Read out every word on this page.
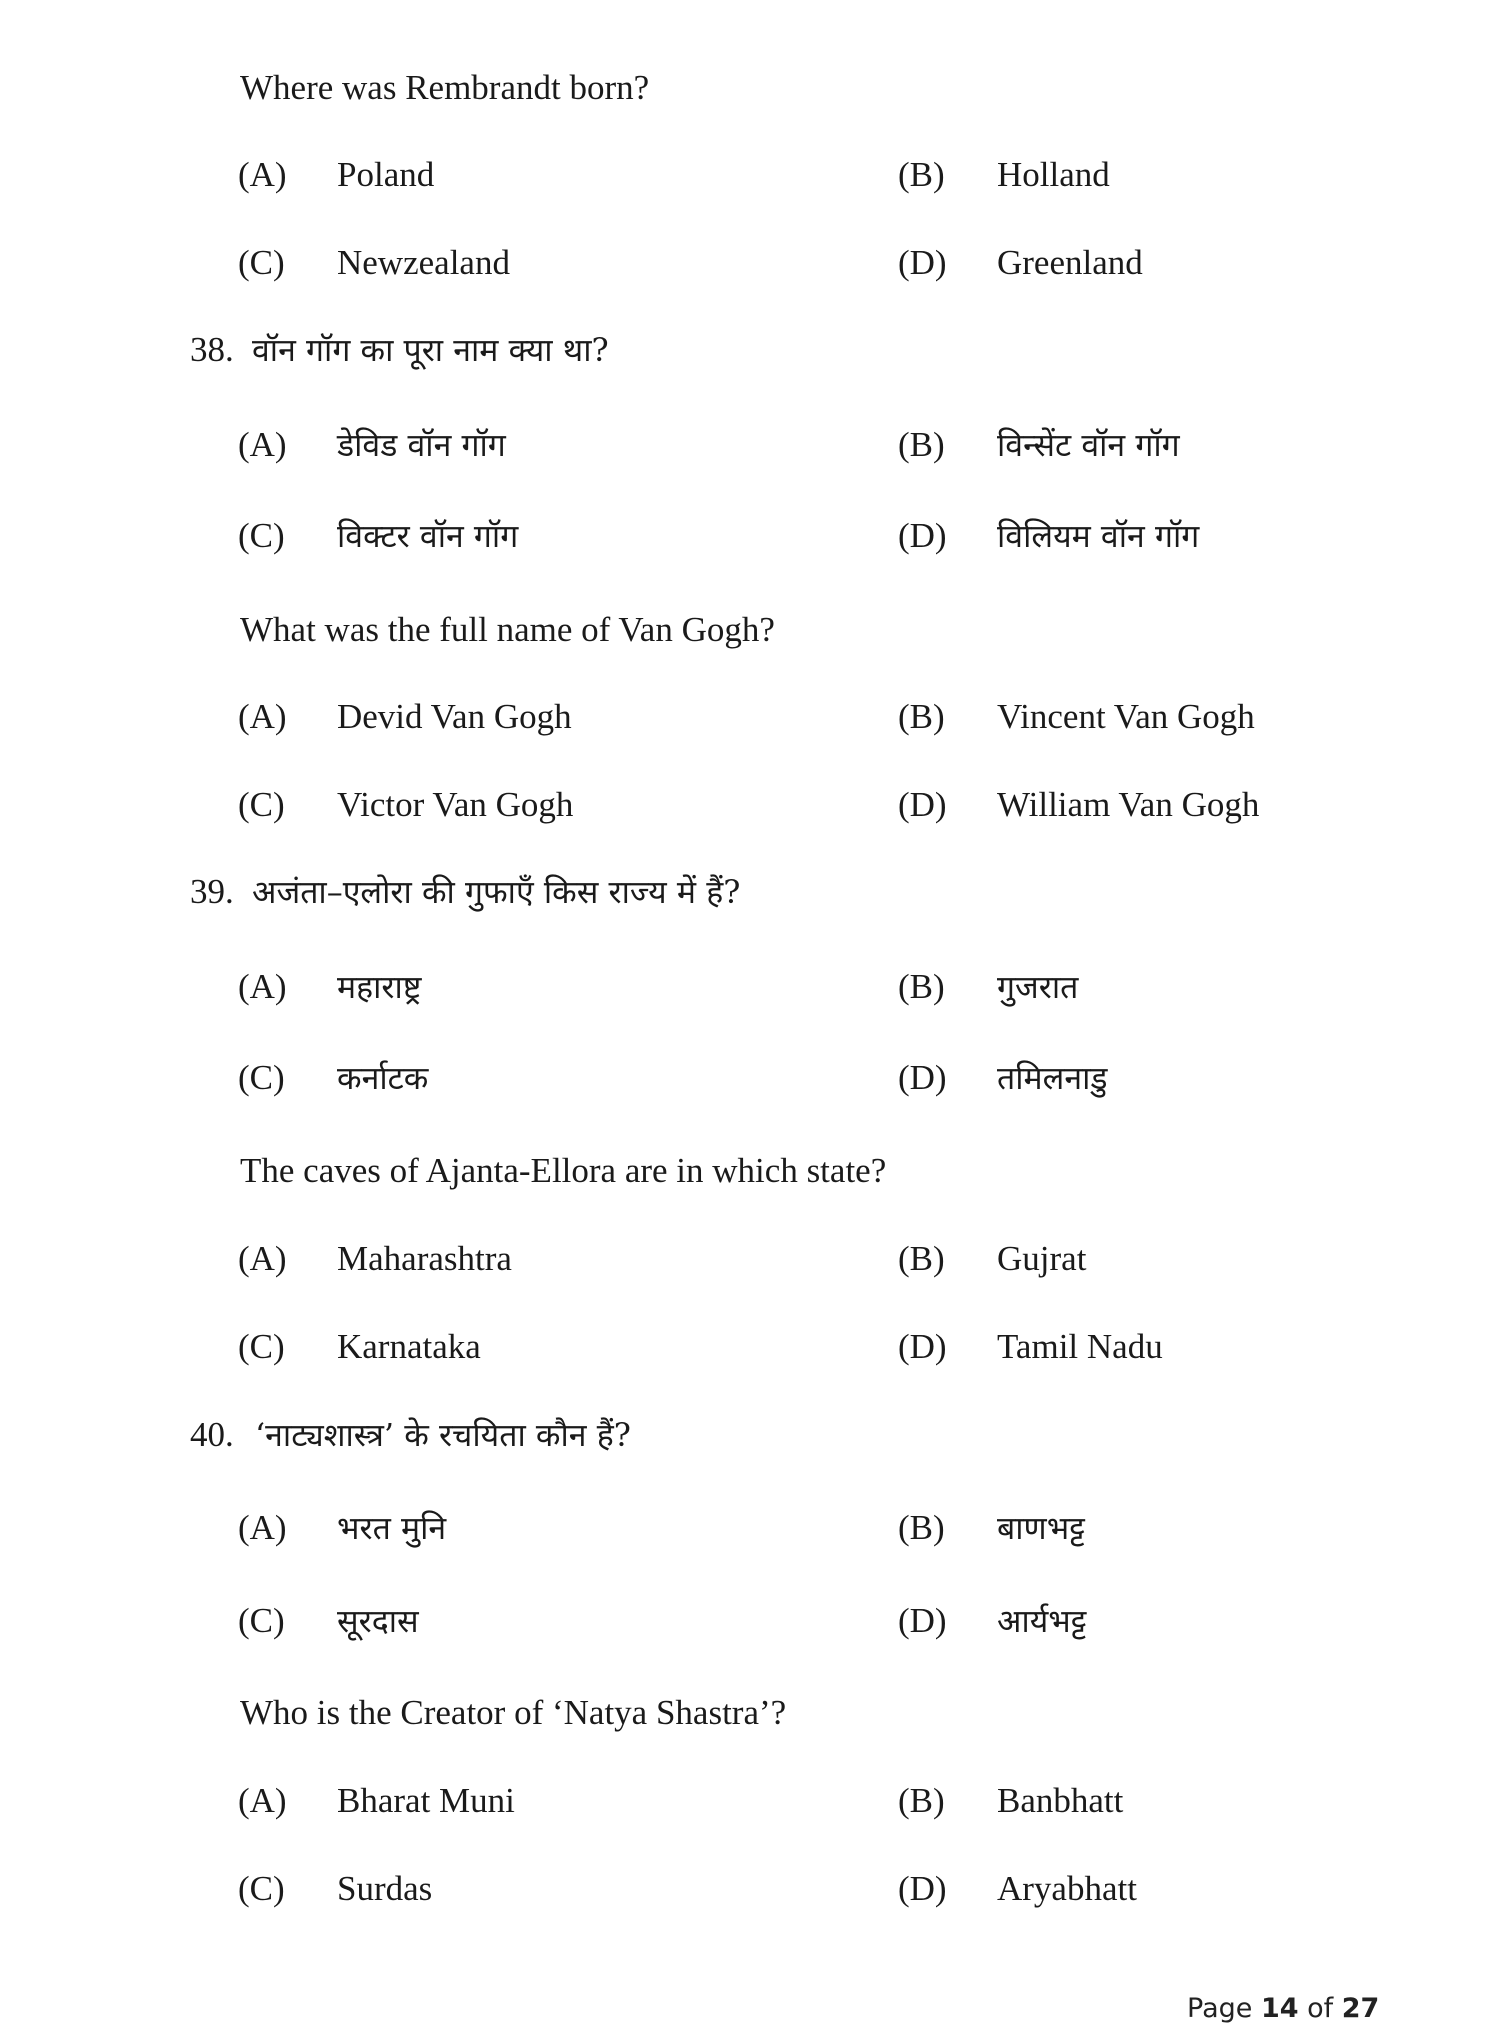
Where was Rembrandt born?
(A) Poland	(B) Holland
(C) Newzealand	(D) Greenland
38. वॉन गॉग का पूरा नाम क्या था?
(A) डेविड वॉन गॉग	(B) विन्सेंट वॉन गॉग
(C) विक्टर वॉन गॉग	(D) विलियम वॉन गॉग
What was the full name of Van Gogh?
(A) Devid Van Gogh	(B) Vincent Van Gogh
(C) Victor Van Gogh	(D) William Van Gogh
39. अजंता–एलोरा की गुफाएँ किस राज्य में हैं?
(A) महाराष्ट्र	(B) गुजरात
(C) कर्नाटक	(D) तमिलनाडु
The caves of Ajanta-Ellora are in which state?
(A) Maharashtra	(B) Gujrat
(C) Karnataka	(D) Tamil Nadu
40. ‘नाट्यशास्त्र’ के रचयिता कौन हैं?
(A) भरत मुनि	(B) बाणभट्ट
(C) सूरदास	(D) आर्यभट्ट
Who is the Creator of ‘Natya Shastra’?
(A) Bharat Muni	(B) Banbhatt
(C) Surdas	(D) Aryabhatt
Page 14 of 27
